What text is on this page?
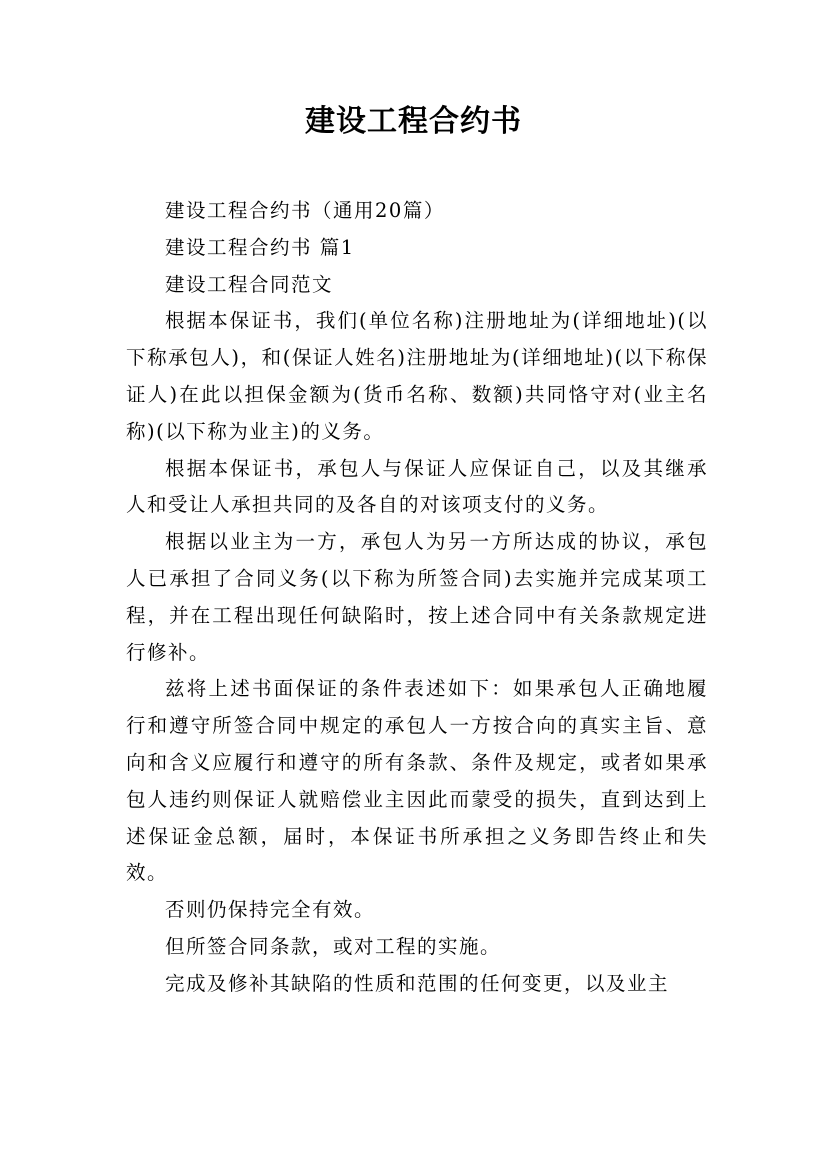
建设工程合约书

建设工程合约书（通用20篇）

建设工程合约书 篇1

建设工程合同范文

根据本保证书，我们(单位名称)注册地址为(详细地址)(以下称承包人)，和(保证人姓名)注册地址为(详细地址)(以下称保证人)在此以担保金额为(货币名称、数额)共同恪守对(业主名称)(以下称为业主)的义务。

根据本保证书，承包人与保证人应保证自己，以及其继承人和受让人承担共同的及各自的对该项支付的义务。

根据以业主为一方，承包人为另一方所达成的协议，承包人已承担了合同义务(以下称为所签合同)去实施并完成某项工程，并在工程出现任何缺陷时，按上述合同中有关条款规定进行修补。

兹将上述书面保证的条件表述如下：如果承包人正确地履行和遵守所签合同中规定的承包人一方按合向的真实主旨、意向和含义应履行和遵守的所有条款、条件及规定，或者如果承包人违约则保证人就赔偿业主因此而蒙受的损失，直到达到上述保证金总额，届时，本保证书所承担之义务即告终止和失效。

否则仍保持完全有效。

但所签合同条款，或对工程的实施。

完成及修补其缺陷的性质和范围的任何变更，以及业主
